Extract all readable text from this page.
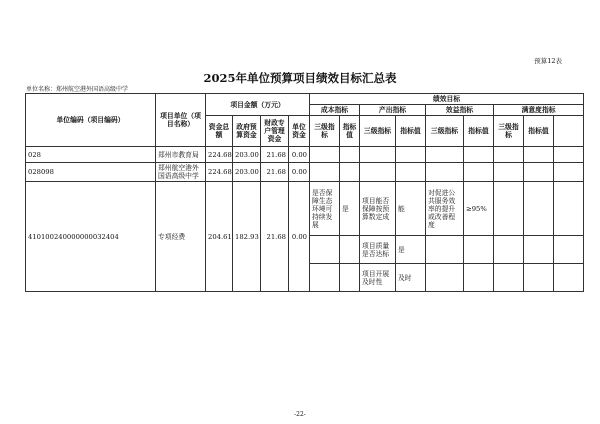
预算12表
2025年单位预算项目绩效目标汇总表
单位名称：郑州航空港外国语高级中学
单位编码（项目编码）	项目单位（项目名称）	项目金额（万元）				绩效目标								
						成本指标		产出指标		效益指标		满意度指标		
		资金总额	政府预算资金	财政专户管理资金	单位资金	三级指标	指标值	三级指标	指标值	三级指标	指标值	三级指标	指标值	
028	郑州市教育局	224.68	203.00	21.68	0.00									
028098	郑州航空港外国语高级中学	224.68	203.00	21.68	0.00									
410100240000000032404	专项经费	204.61	182.93	21.68	0.00	是否保障生态环境可持续发展	是	项目能否保障按预算数定成	能	对促进公共服务效率的提升或改善程度	≥95%			
								项目质量是否达标	是					
								项目开展及时性	及时					
-22-
